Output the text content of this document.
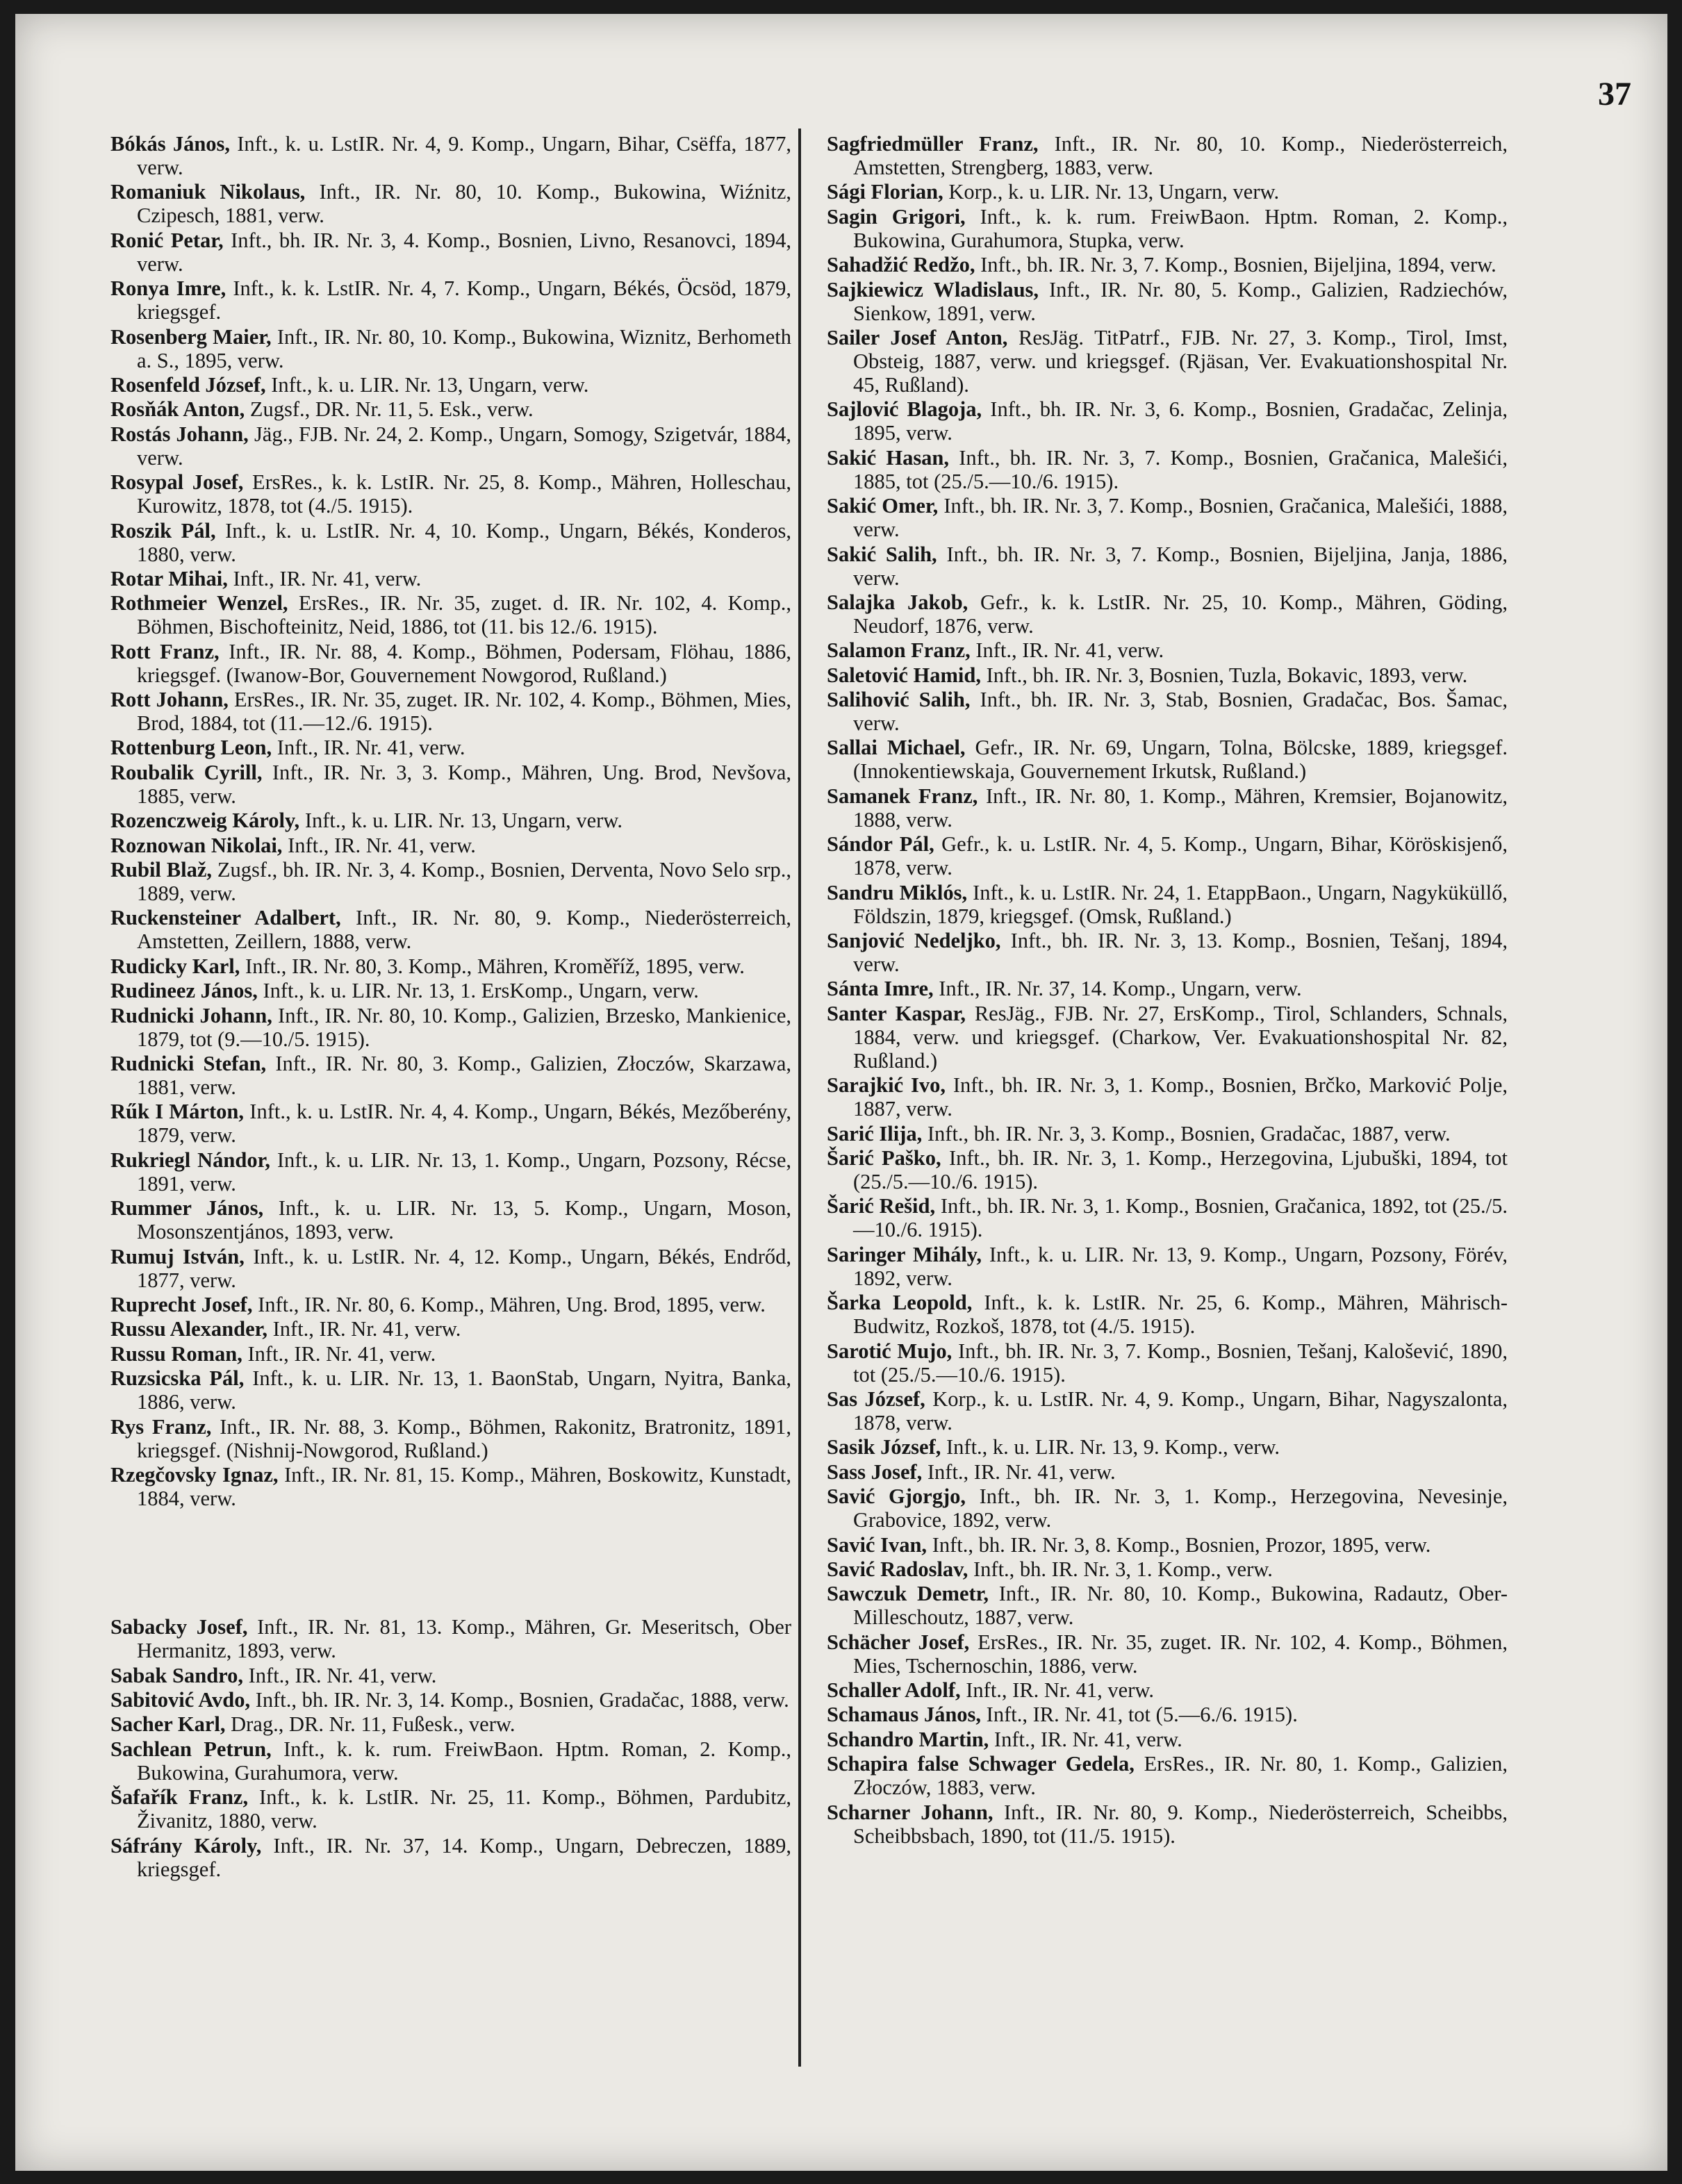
37

Bókás János, Inft., k. u. LstIR. Nr. 4, 9. Komp., Ungarn, Bihar, Csëffa, 1877, verw.

Romaniuk Nikolaus, Inft., IR. Nr. 80, 10. Komp., Bukowina, Wiźnitz, Czipesch, 1881, verw.

Ronić Petar, Inft., bh. IR. Nr. 3, 4. Komp., Bosnien, Livno, Resanovci, 1894, verw.

Ronya Imre, Inft., k. k. LstIR. Nr. 4, 7. Komp., Ungarn, Békés, Öcsöd, 1879, kriegsgef.

Rosenberg Maier, Inft., IR. Nr. 80, 10. Komp., Bukowina, Wiznitz, Berhometh a. S., 1895, verw.

Rosenfeld József, Inft., k. u. LIR. Nr. 13, Ungarn, verw.

Rosňák Anton, Zugsf., DR. Nr. 11, 5. Esk., verw.

Rostás Johann, Jäg., FJB. Nr. 24, 2. Komp., Ungarn, Somogy, Szigetvár, 1884, verw.

Rosypal Josef, ErsRes., k. k. LstIR. Nr. 25, 8. Komp., Mähren, Holleschau, Kurowitz, 1878, tot (4./5. 1915).

Roszik Pál, Inft., k. u. LstIR. Nr. 4, 10. Komp., Ungarn, Békés, Konderos, 1880, verw.

Rotar Mihai, Inft., IR. Nr. 41, verw.

Rothmeier Wenzel, ErsRes., IR. Nr. 35, zuget. d. IR. Nr. 102, 4. Komp., Böhmen, Bischofteinitz, Neid, 1886, tot (11. bis 12./6. 1915).

Rott Franz, Inft., IR. Nr. 88, 4. Komp., Böhmen, Podersam, Flöhau, 1886, kriegsgef. (Iwanow-Bor, Gouvernement Nowgorod, Rußland.)

Rott Johann, ErsRes., IR. Nr. 35, zuget. IR. Nr. 102, 4. Komp., Böhmen, Mies, Brod, 1884, tot (11.—12./6. 1915).

Rottenburg Leon, Inft., IR. Nr. 41, verw.

Roubalik Cyrill, Inft., IR. Nr. 3, 3. Komp., Mähren, Ung. Brod, Nevšova, 1885, verw.

Rozenczweig Károly, Inft., k. u. LIR. Nr. 13, Ungarn, verw.

Roznowan Nikolai, Inft., IR. Nr. 41, verw.

Rubil Blaž, Zugsf., bh. IR. Nr. 3, 4. Komp., Bosnien, Derventa, Novo Selo srp., 1889, verw.

Ruckensteiner Adalbert, Inft., IR. Nr. 80, 9. Komp., Niederösterreich, Amstetten, Zeillern, 1888, verw.

Rudicky Karl, Inft., IR. Nr. 80, 3. Komp., Mähren, Kroměříž, 1895, verw.

Rudineez János, Inft., k. u. LIR. Nr. 13, 1. ErsKomp., Ungarn, verw.

Rudnicki Johann, Inft., IR. Nr. 80, 10. Komp., Galizien, Brzesko, Mankienice, 1879, tot (9.—10./5. 1915).

Rudnicki Stefan, Inft., IR. Nr. 80, 3. Komp., Galizien, Złoczów, Skarzawa, 1881, verw.

Rűk I Márton, Inft., k. u. LstIR. Nr. 4, 4. Komp., Ungarn, Békés, Mezőberény, 1879, verw.

Rukriegl Nándor, Inft., k. u. LIR. Nr. 13, 1. Komp., Ungarn, Pozsony, Récse, 1891, verw.

Rummer János, Inft., k. u. LIR. Nr. 13, 5. Komp., Ungarn, Moson, Mosonszentjános, 1893, verw.

Rumuj István, Inft., k. u. LstIR. Nr. 4, 12. Komp., Ungarn, Békés, Endrőd, 1877, verw.

Ruprecht Josef, Inft., IR. Nr. 80, 6. Komp., Mähren, Ung. Brod, 1895, verw.

Russu Alexander, Inft., IR. Nr. 41, verw.

Russu Roman, Inft., IR. Nr. 41, verw.

Ruzsicska Pál, Inft., k. u. LIR. Nr. 13, 1. BaonStab, Ungarn, Nyitra, Banka, 1886, verw.

Rys Franz, Inft., IR. Nr. 88, 3. Komp., Böhmen, Rakonitz, Bratronitz, 1891, kriegsgef. (Nishnij-Nowgorod, Rußland.)

Rzegčovsky Ignaz, Inft., IR. Nr. 81, 15. Komp., Mähren, Boskowitz, Kunstadt, 1884, verw.

Sabacky Josef, Inft., IR. Nr. 81, 13. Komp., Mähren, Gr. Meseritsch, Ober Hermanitz, 1893, verw.

Sabak Sandro, Inft., IR. Nr. 41, verw.

Sabitović Avdo, Inft., bh. IR. Nr. 3, 14. Komp., Bosnien, Gradačac, 1888, verw.

Sacher Karl, Drag., DR. Nr. 11, Fußesk., verw.

Sachlean Petrun, Inft., k. k. rum. FreiwBaon. Hptm. Roman, 2. Komp., Bukowina, Gurahumora, verw.

Šafařík Franz, Inft., k. k. LstIR. Nr. 25, 11. Komp., Böhmen, Pardubitz, Živanitz, 1880, verw.

Sáfrány Károly, Inft., IR. Nr. 37, 14. Komp., Ungarn, Debreczen, 1889, kriegsgef.

Sagfriedmüller Franz, Inft., IR. Nr. 80, 10. Komp., Niederösterreich, Amstetten, Strengberg, 1883, verw.

Sági Florian, Korp., k. u. LIR. Nr. 13, Ungarn, verw.

Sagin Grigori, Inft., k. k. rum. FreiwBaon. Hptm. Roman, 2. Komp., Bukowina, Gurahumora, Stupka, verw.

Sahadžić Redžo, Inft., bh. IR. Nr. 3, 7. Komp., Bosnien, Bijeljina, 1894, verw.

Sajkiewicz Wladislaus, Inft., IR. Nr. 80, 5. Komp., Galizien, Radziechów, Sienkow, 1891, verw.

Sailer Josef Anton, ResJäg. TitPatrf., FJB. Nr. 27, 3. Komp., Tirol, Imst, Obsteig, 1887, verw. und kriegsgef. (Rjäsan, Ver. Evakuationshospital Nr. 45, Rußland).

Sajlović Blagoja, Inft., bh. IR. Nr. 3, 6. Komp., Bosnien, Gradačac, Zelinja, 1895, verw.

Sakić Hasan, Inft., bh. IR. Nr. 3, 7. Komp., Bosnien, Gračanica, Malešići, 1885, tot (25./5.—10./6. 1915).

Sakić Omer, Inft., bh. IR. Nr. 3, 7. Komp., Bosnien, Gračanica, Malešići, 1888, verw.

Sakić Salih, Inft., bh. IR. Nr. 3, 7. Komp., Bosnien, Bijeljina, Janja, 1886, verw.

Salajka Jakob, Gefr., k. k. LstIR. Nr. 25, 10. Komp., Mähren, Göding, Neudorf, 1876, verw.

Salamon Franz, Inft., IR. Nr. 41, verw.

Saletović Hamid, Inft., bh. IR. Nr. 3, Bosnien, Tuzla, Bokavic, 1893, verw.

Salihović Salih, Inft., bh. IR. Nr. 3, Stab, Bosnien, Gradačac, Bos. Šamac, verw.

Sallai Michael, Gefr., IR. Nr. 69, Ungarn, Tolna, Bölcske, 1889, kriegsgef. (Innokentiewskaja, Gouvernement Irkutsk, Rußland.)

Samanek Franz, Inft., IR. Nr. 80, 1. Komp., Mähren, Kremsier, Bojanowitz, 1888, verw.

Sándor Pál, Gefr., k. u. LstIR. Nr. 4, 5. Komp., Ungarn, Bihar, Köröskisjenő, 1878, verw.

Sandru Miklós, Inft., k. u. LstIR. Nr. 24, 1. EtappBaon., Ungarn, Nagyküküllő, Földszin, 1879, kriegsgef. (Omsk, Rußland.)

Sanjović Nedeljko, Inft., bh. IR. Nr. 3, 13. Komp., Bosnien, Tešanj, 1894, verw.

Sánta Imre, Inft., IR. Nr. 37, 14. Komp., Ungarn, verw.

Santer Kaspar, ResJäg., FJB. Nr. 27, ErsKomp., Tirol, Schlanders, Schnals, 1884, verw. und kriegsgef. (Charkow, Ver. Evakuationshospital Nr. 82, Rußland.)

Sarajkić Ivo, Inft., bh. IR. Nr. 3, 1. Komp., Bosnien, Brčko, Marković Polje, 1887, verw.

Sarić Ilija, Inft., bh. IR. Nr. 3, 3. Komp., Bosnien, Gradačac, 1887, verw.

Šarić Paško, Inft., bh. IR. Nr. 3, 1. Komp., Herzegovina, Ljubuški, 1894, tot (25./5.—10./6. 1915).

Šarić Rešid, Inft., bh. IR. Nr. 3, 1. Komp., Bosnien, Gračanica, 1892, tot (25./5.—10./6. 1915).

Saringer Mihály, Inft., k. u. LIR. Nr. 13, 9. Komp., Ungarn, Pozsony, Förév, 1892, verw.

Šarka Leopold, Inft., k. k. LstIR. Nr. 25, 6. Komp., Mähren, Mährisch-Budwitz, Rozkoš, 1878, tot (4./5. 1915).

Sarotić Mujo, Inft., bh. IR. Nr. 3, 7. Komp., Bosnien, Tešanj, Kalošević, 1890, tot (25./5.—10./6. 1915).

Sas József, Korp., k. u. LstIR. Nr. 4, 9. Komp., Ungarn, Bihar, Nagyszalonta, 1878, verw.

Sasik József, Inft., k. u. LIR. Nr. 13, 9. Komp., verw.

Sass Josef, Inft., IR. Nr. 41, verw.

Savić Gjorgjo, Inft., bh. IR. Nr. 3, 1. Komp., Herzegovina, Nevesinje, Grabovice, 1892, verw.

Savić Ivan, Inft., bh. IR. Nr. 3, 8. Komp., Bosnien, Prozor, 1895, verw.

Savić Radoslav, Inft., bh. IR. Nr. 3, 1. Komp., verw.

Sawczuk Demetr, Inft., IR. Nr. 80, 10. Komp., Bukowina, Radautz, Ober-Milleschoutz, 1887, verw.

Schächer Josef, ErsRes., IR. Nr. 35, zuget. IR. Nr. 102, 4. Komp., Böhmen, Mies, Tschernoschin, 1886, verw.

Schaller Adolf, Inft., IR. Nr. 41, verw.

Schamaus János, Inft., IR. Nr. 41, tot (5.—6./6. 1915).

Schandro Martin, Inft., IR. Nr. 41, verw.

Schapira false Schwager Gedela, ErsRes., IR. Nr. 80, 1. Komp., Galizien, Złoczów, 1883, verw.

Scharner Johann, Inft., IR. Nr. 80, 9. Komp., Niederösterreich, Scheibbs, Scheibbsbach, 1890, tot (11./5. 1915).
